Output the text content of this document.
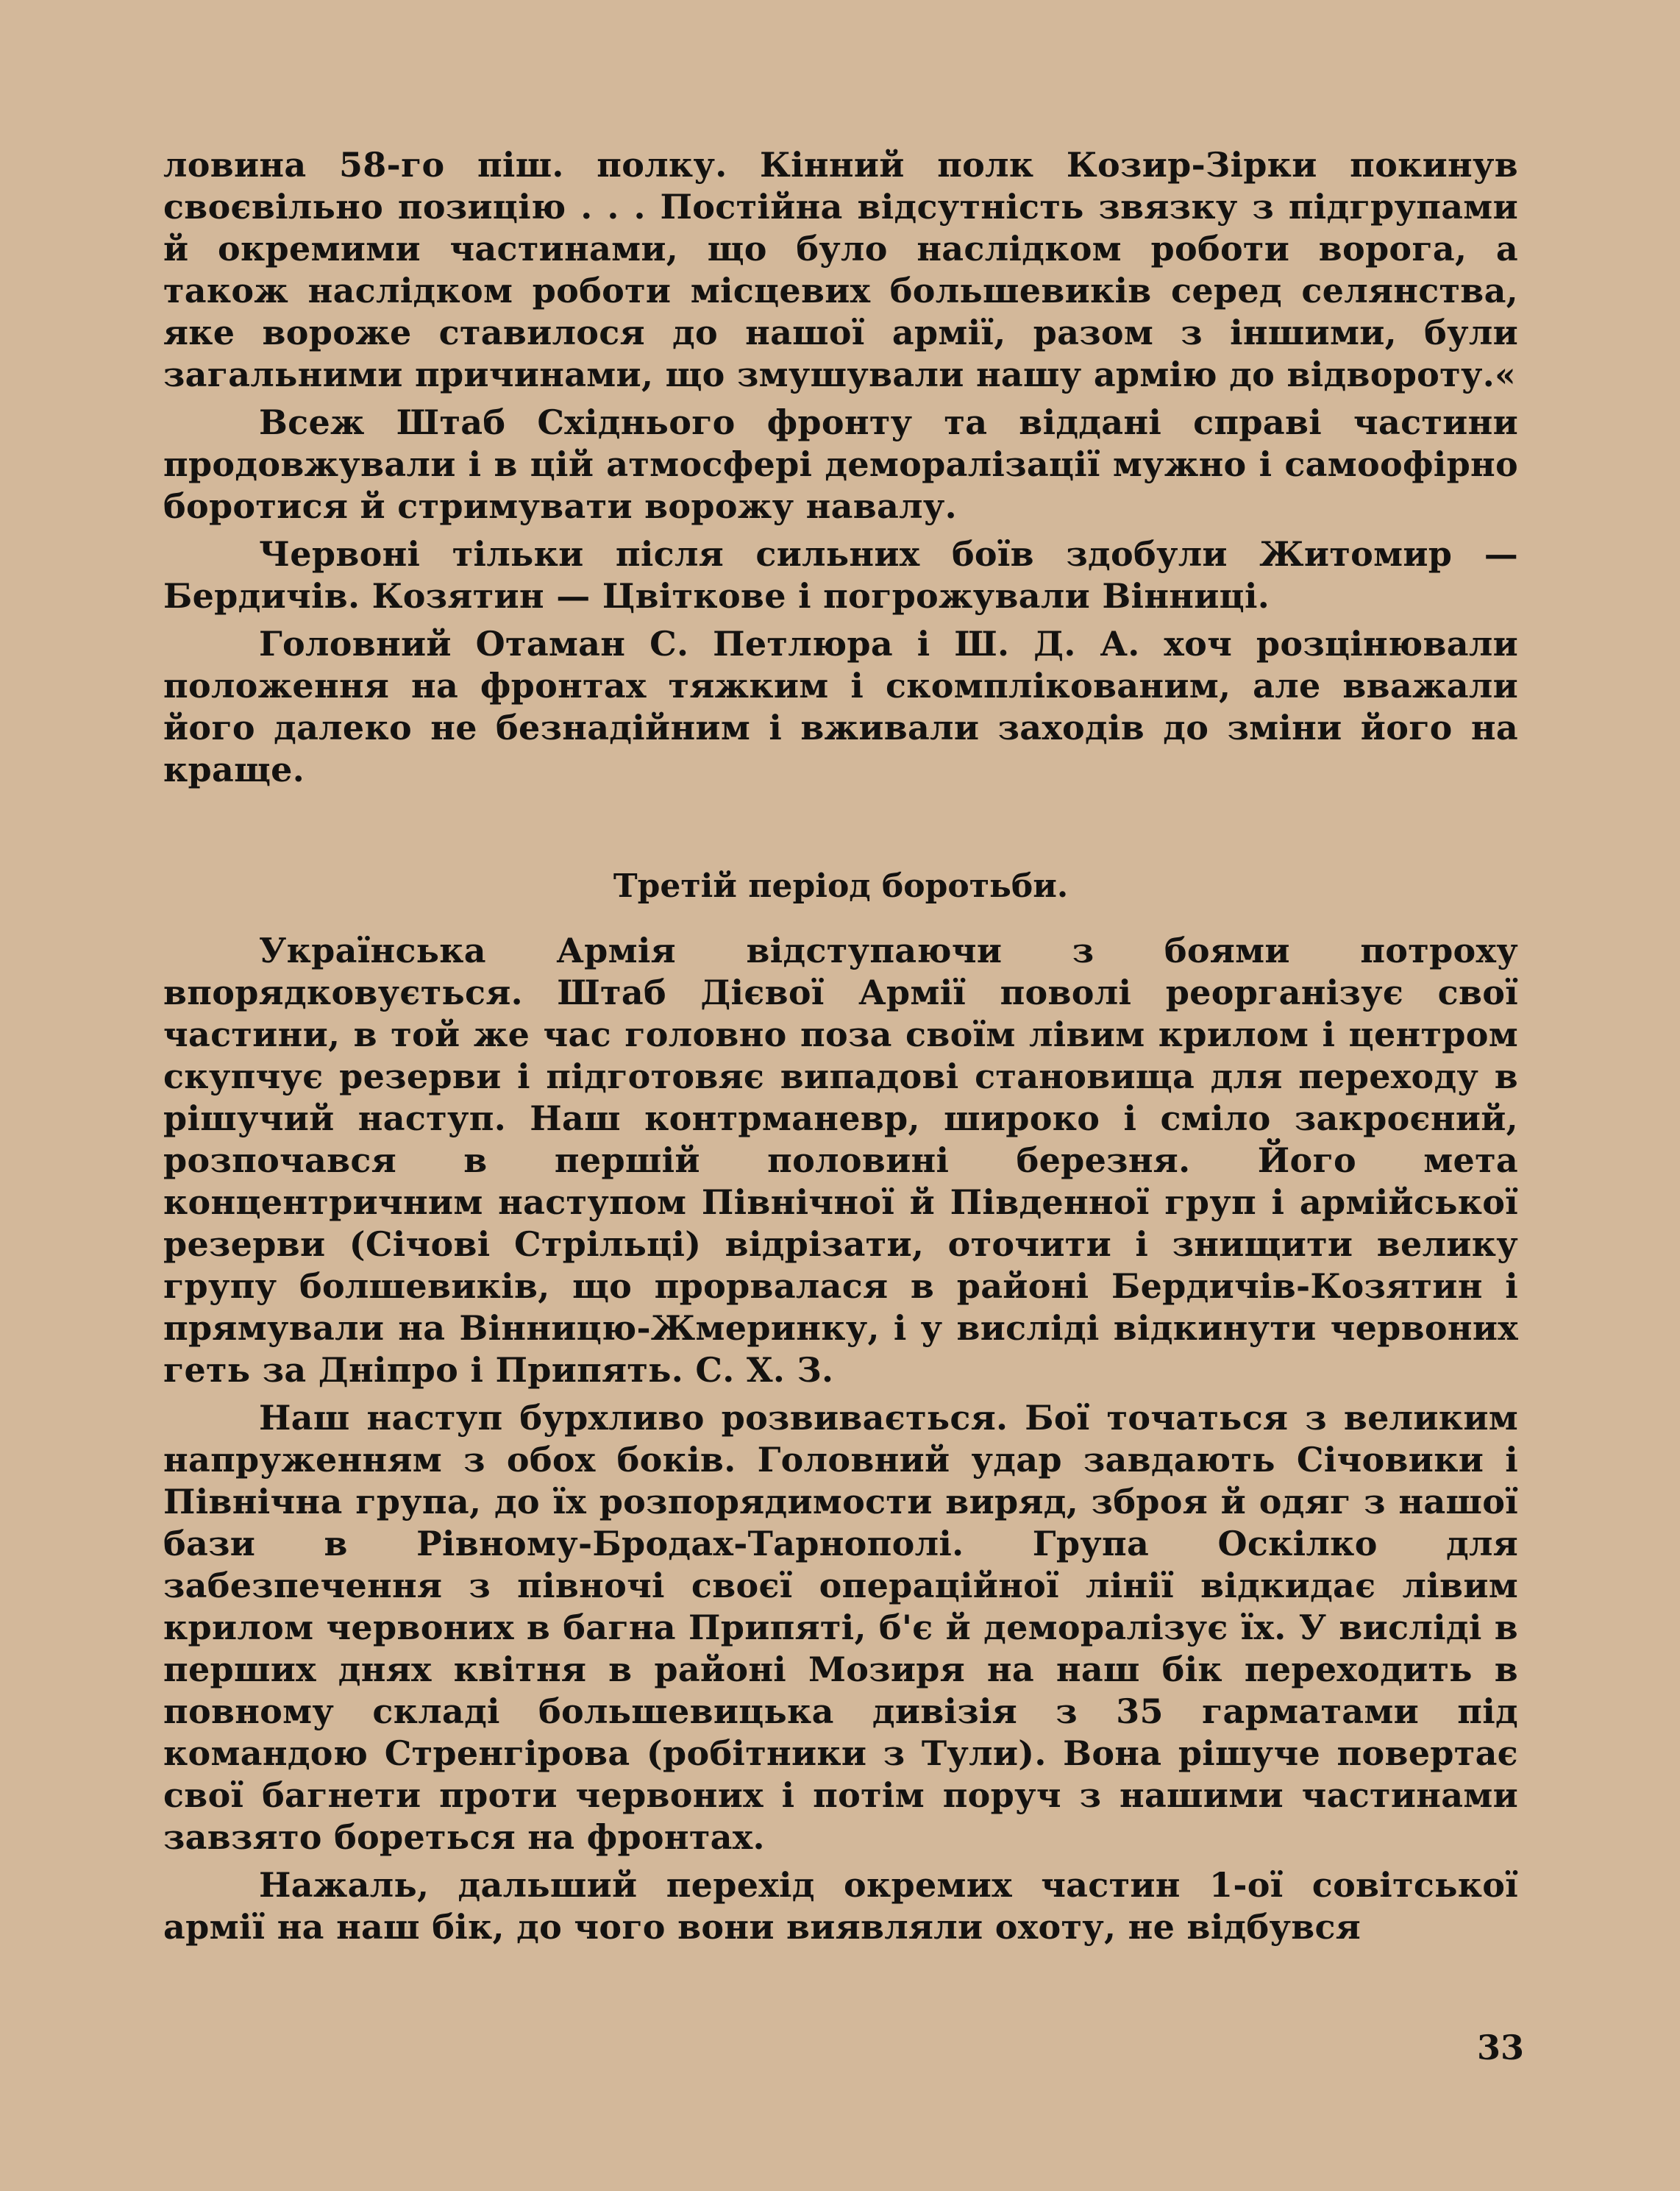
ловина 58-го піш. полку. Кінний полк Козир-Зірки покинув своєвільно позицію . . . Постійна відсутність звязку з підгрупами й окремими частинами, що було наслідком роботи ворога, а також наслідком роботи місцевих большевиків серед селянства, яке вороже ставилося до нашої армії, разом з іншими, були загальними причинами, що змушували нашу армію до відвороту.«

Всеж Штаб Східнього фронту та віддані справі частини продовжували і в цій атмосфері деморалізації мужно і самоофірно боротися й стримувати ворожу навалу.

Червоні тільки після сильних боїв здобули Житомир — Бердичів. Козятин — Цвіткове і погрожували Вінниці.

Головний Отаман С. Петлюра і Ш. Д. А. хоч розцінювали положення на фронтах тяжким і скомплікованим, але вважали його далеко не безнадійним і вживали заходів до зміни його на краще.

Третій період боротьби.

Українська Армія відступаючи з боями потроху впорядковується. Штаб Дієвої Армії поволі реорганізує свої частини, в той же час головно поза своїм лівим крилом і центром скупчує резерви і підготовяє випадові становища для переходу в рішучий наступ. Наш контрманевр, широко і сміло закроєний, розпочався в першій половині березня. Його мета концентричним наступом Північної й Південної груп і армійської резерви (Січові Стрільці) відрізати, оточити і знищити велику групу болшевиків, що прорвалася в районі Бердичів-Козятин і прямували на Вінницю-Жмеринку, і у висліді відкинути червоних геть за Дніпро і Припять. С. Х. З.

Наш наступ бурхливо розвивається. Бої точаться з великим напруженням з обох боків. Головний удар завдають Січовики і Північна група, до їх розпорядимости виряд, зброя й одяг з нашої бази в Рівному-Бродах-Тарнополі. Група Оскілко для забезпечення з півночі своєї операційної лінії відкидає лівим крилом червоних в багна Припяті, б'є й деморалізує їх. У висліді в перших днях квітня в районі Мозиря на наш бік переходить в повному складі большевицька дивізія з 35 гарматами під командою Стренгірова (робітники з Тули). Вона рішуче повертає свої багнети проти червоних і потім поруч з нашими частинами завзято бореться на фронтах.

Нажаль, дальший перехід окремих частин 1-ої совітської армії на наш бік, до чого вони виявляли охоту, не відбувся

33
